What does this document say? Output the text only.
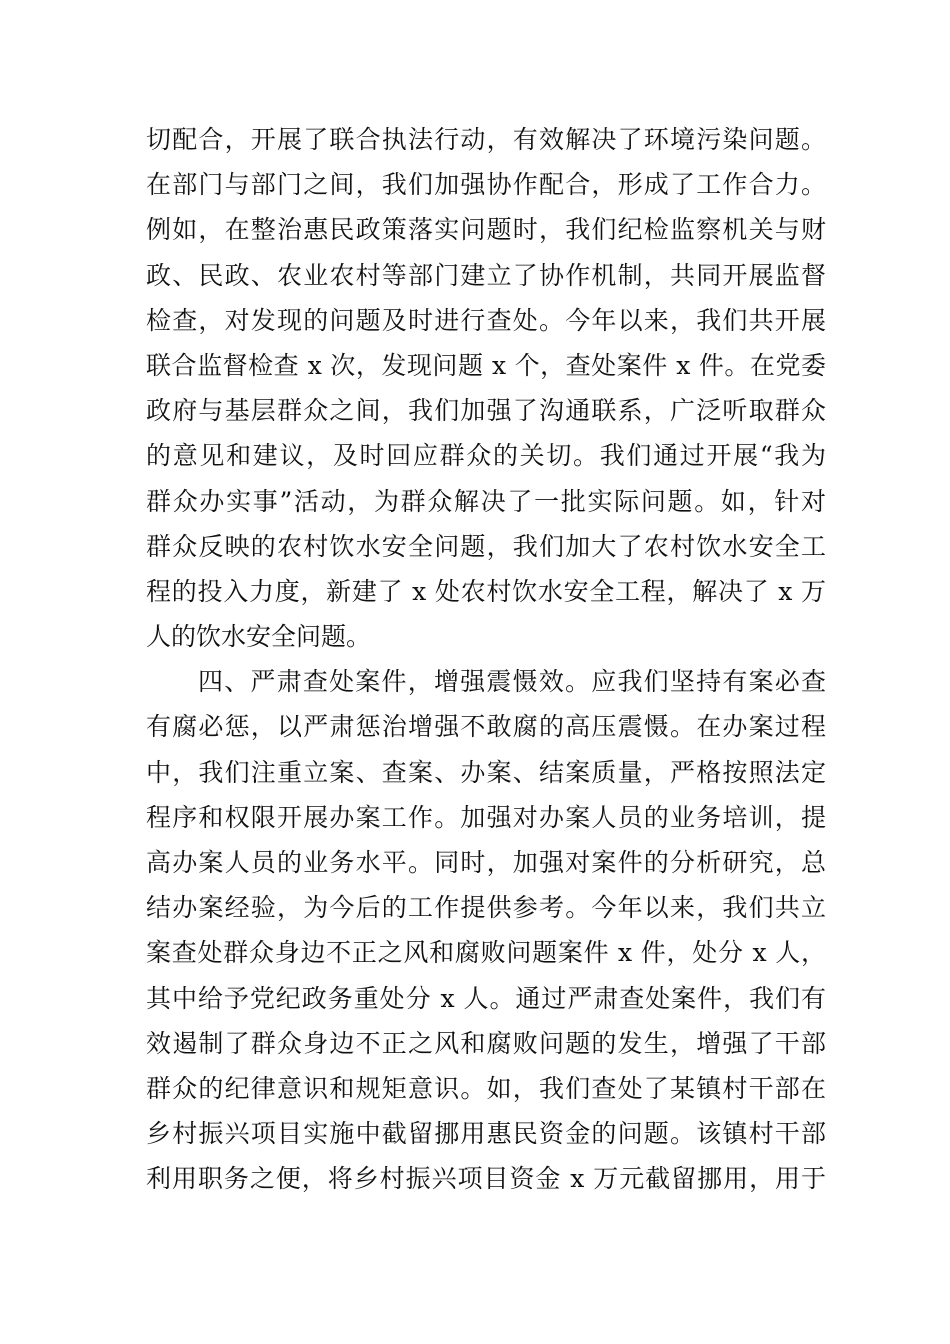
切配合，开展了联合执法行动，有效解决了环境污染问题。
在部门与部门之间，我们加强协作配合，形成了工作合力。
例如，在整治惠民政策落实问题时，我们纪检监察机关与财
政、民政、农业农村等部门建立了协作机制，共同开展监督
检查，对发现的问题及时进行查处。今年以来，我们共开展
联合监督检查 x 次，发现问题 x 个，查处案件 x 件。在党委
政府与基层群众之间，我们加强了沟通联系，广泛听取群众
的意见和建议，及时回应群众的关切。我们通过开展“我为
群众办实事”活动，为群众解决了一批实际问题。如，针对
群众反映的农村饮水安全问题，我们加大了农村饮水安全工
程的投入力度，新建了 x 处农村饮水安全工程，解决了 x 万
人的饮水安全问题。
四、严肃查处案件，增强震慑效。应我们坚持有案必查
有腐必惩，以严肃惩治增强不敢腐的高压震慑。在办案过程
中，我们注重立案、查案、办案、结案质量，严格按照法定
程序和权限开展办案工作。加强对办案人员的业务培训，提
高办案人员的业务水平。同时，加强对案件的分析研究，总
结办案经验，为今后的工作提供参考。今年以来，我们共立
案查处群众身边不正之风和腐败问题案件 x 件，处分 x 人，
其中给予党纪政务重处分 x 人。通过严肃查处案件，我们有
效遏制了群众身边不正之风和腐败问题的发生，增强了干部
群众的纪律意识和规矩意识。如，我们查处了某镇村干部在
乡村振兴项目实施中截留挪用惠民资金的问题。该镇村干部
利用职务之便，将乡村振兴项目资金 x 万元截留挪用，用于
